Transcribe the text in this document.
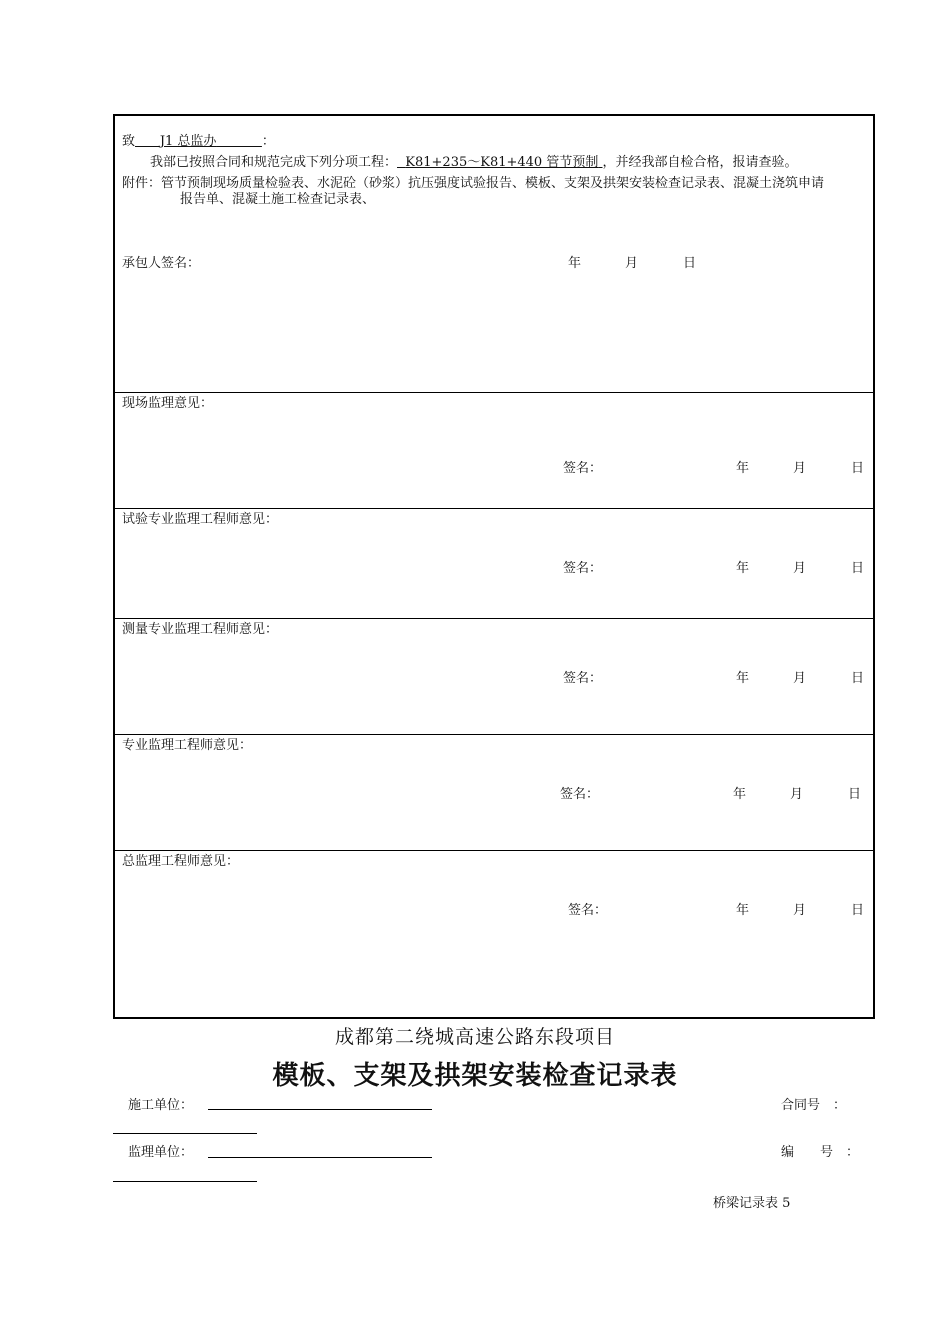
致 J1 总监办	：
我部已按照合同和规范完成下列分项工程： K81+235～K81+440 管节预制 ，并经我部自检合格，报请查验。
附件：管节预制现场质量检验表、水泥砼（砂浆）抗压强度试验报告、模板、支架及拱架安装检查记录表、混凝土浇筑申请
报告单、混凝土施工检查记录表、
承包人签名：	年	月	日
现场监理意见：
签名：	年	月	日
试验专业监理工程师意见：
签名：	年	月	日
测量专业监理工程师意见：
签名：	年	月	日
专业监理工程师意见：
签名：	年	月	日
总监理工程师意见：
签名：	年	月	日
成都第二绕城高速公路东段项目
模板、支架及拱架安装检查记录表
施工单位：	合同号　：
监理单位：	编　　号　：
桥梁记录表 5
